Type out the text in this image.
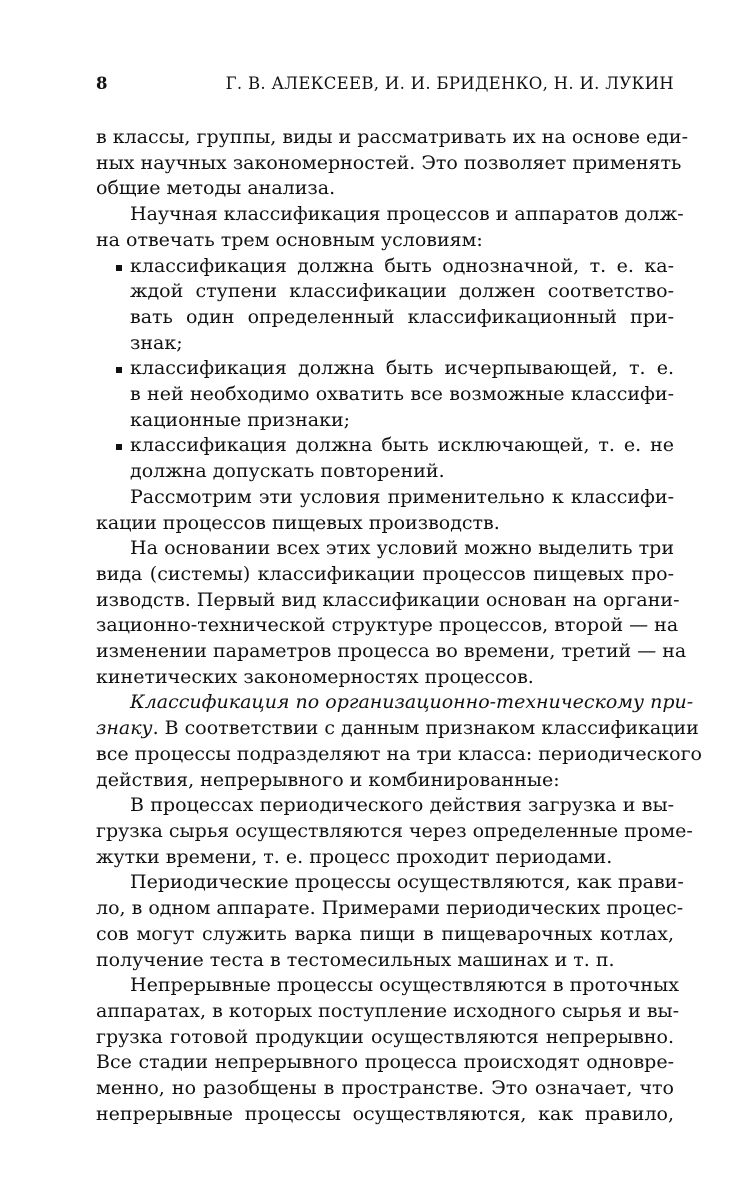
8	Г. В. АЛЕКСЕЕВ, И. И. БРИДЕНКО, Н. И. ЛУКИН
в классы, группы, виды и рассматривать их на основе еди-
ных научных закономерностей. Это позволяет применять
общие методы анализа.
Научная классификация процессов и аппаратов долж-
на отвечать трем основным условиям:
классификация должна быть однозначной, т. е. ка-
ждой ступени классификации должен соответство-
вать один определенный классификационный при-
знак;
классификация должна быть исчерпывающей, т. е.
в ней необходимо охватить все возможные классифи-
кационные признаки;
классификация должна быть исключающей, т. е. не
должна допускать повторений.
Рассмотрим эти условия применительно к классифи-
кации процессов пищевых производств.
На основании всех этих условий можно выделить три
вида (системы) классификации процессов пищевых про-
изводств. Первый вид классификации основан на органи-
зационно-технической структуре процессов, второй — на
изменении параметров процесса во времени, третий — на
кинетических закономерностях процессов.
Классификация по организационно-техническому при-
знаку. В соответствии с данным признаком классификации
все процессы подразделяют на три класса: периодического
действия, непрерывного и комбинированные:
В процессах периодического действия загрузка и вы-
грузка сырья осуществляются через определенные проме-
жутки времени, т. е. процесс проходит периодами.
Периодические процессы осуществляются, как прави-
ло, в одном аппарате. Примерами периодических процес-
сов могут служить варка пищи в пищеварочных котлах,
получение теста в тестомесильных машинах и т. п.
Непрерывные процессы осуществляются в проточных
аппаратах, в которых поступление исходного сырья и вы-
грузка готовой продукции осуществляются непрерывно.
Все стадии непрерывного процесса происходят одновре-
менно, но разобщены в пространстве. Это означает, что
непрерывные процессы осуществляются, как правило,
